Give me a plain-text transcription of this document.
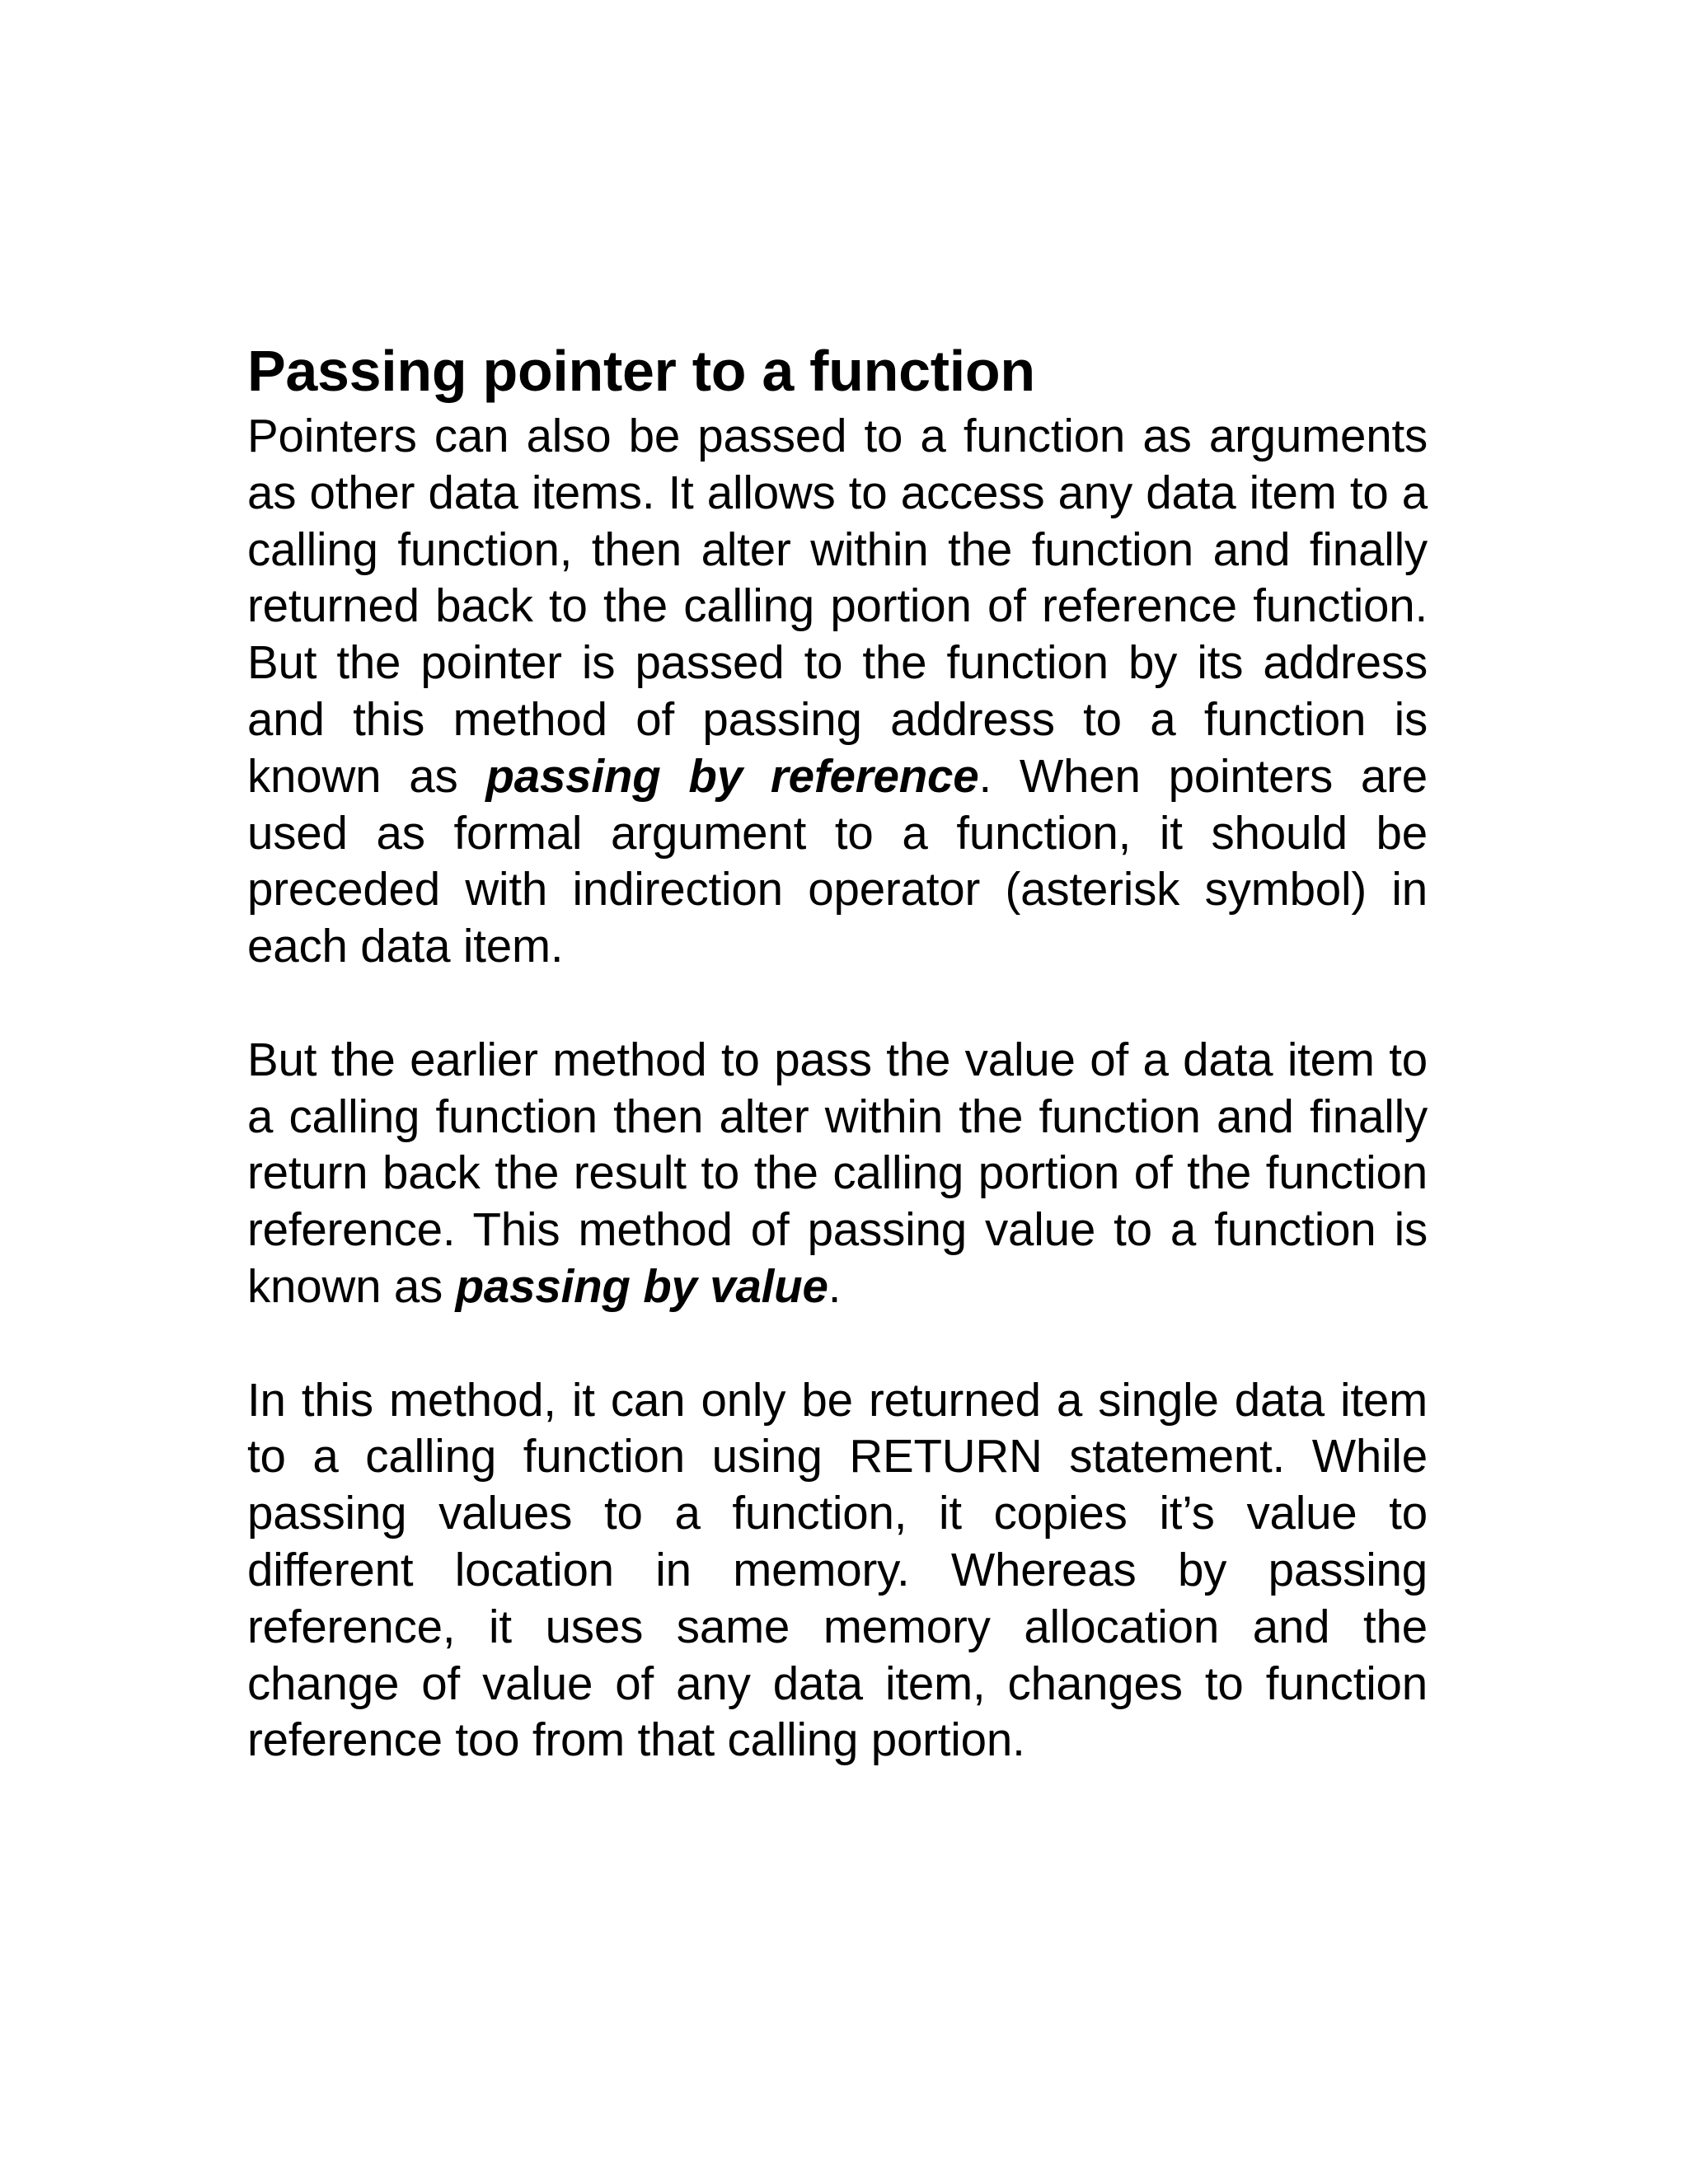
Passing pointer to a function

Pointers can also be passed to a function as arguments as other data items. It allows to access any data item to a calling function, then alter within the function and finally returned back to the calling portion of reference function. But the pointer is passed to the function by its address and this method of passing address to a function is known as passing by reference. When pointers are used as formal argument to a function, it should be preceded with indirection operator (asterisk symbol) in each data item.

But the earlier method to pass the value of a data item to a calling function then alter within the function and finally return back the result to the calling portion of the function reference. This method of passing value to a function is known as passing by value.

In this method, it can only be returned a single data item to a calling function using RETURN statement. While passing values to a function, it copies it’s value to different location in memory. Whereas by passing reference, it uses same memory allocation and the change of value of any data item, changes to function reference too from that calling portion.
